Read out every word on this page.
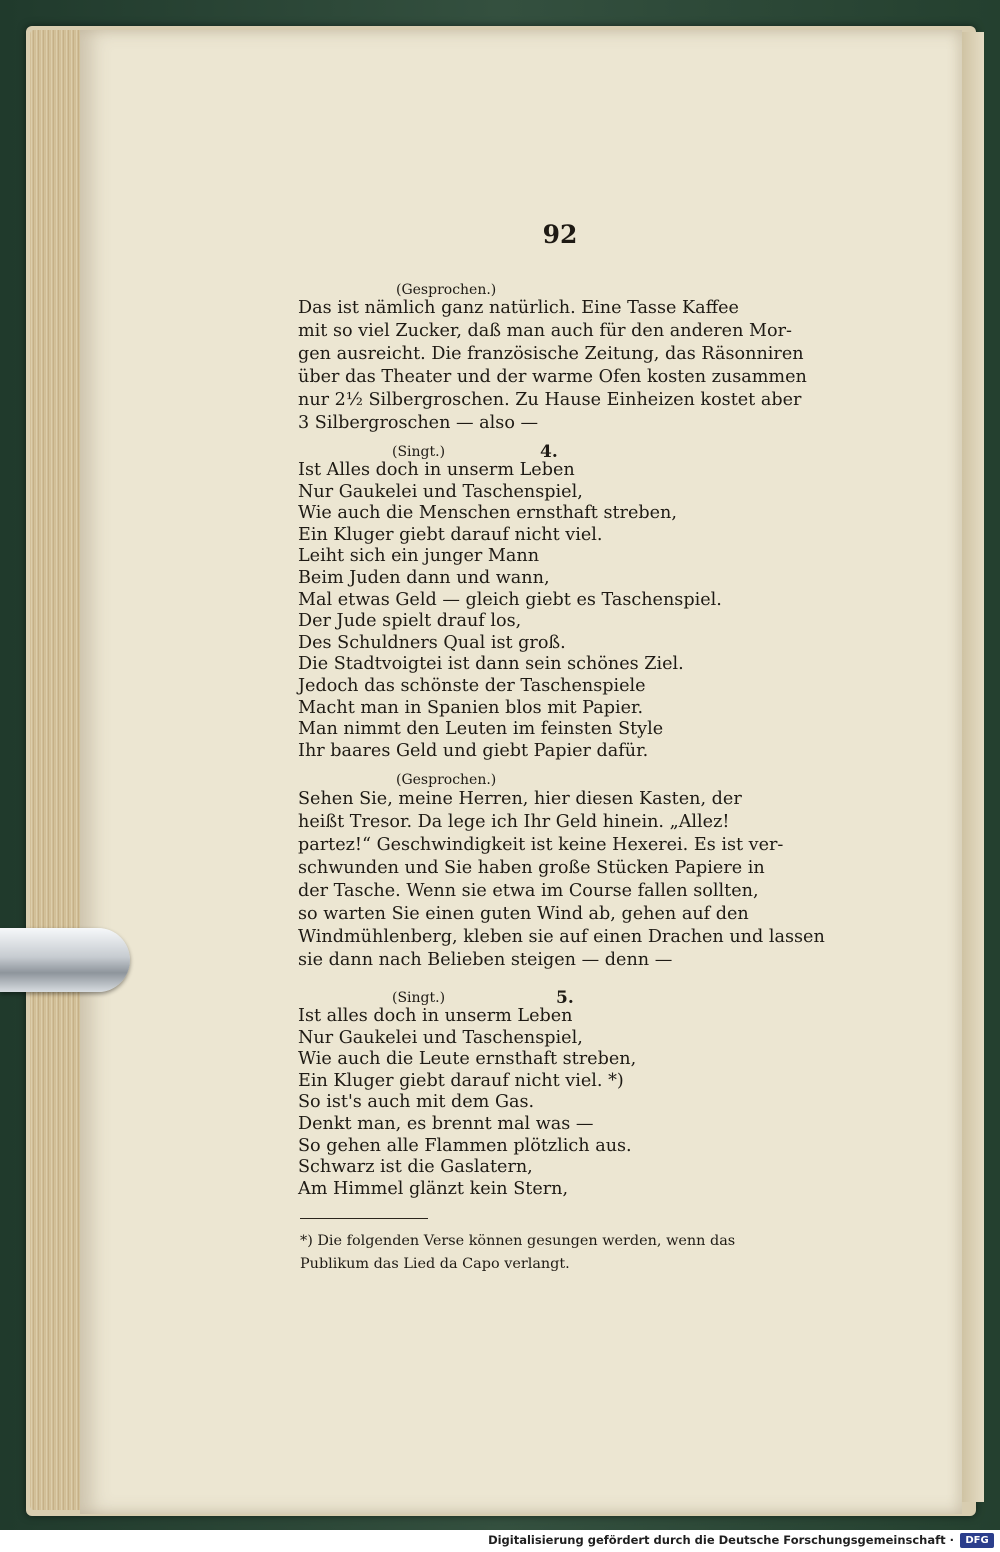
92
(Gesprochen.)
Das ist nämlich ganz natürlich. Eine Tasse Kaffee
mit so viel Zucker, daß man auch für den anderen Mor-
gen ausreicht. Die französische Zeitung, das Räsonniren
über das Theater und der warme Ofen kosten zusammen
nur 2½ Silbergroschen. Zu Hause Einheizen kostet aber
3 Silbergroschen — also —
(Singt.)	4.
Ist Alles doch in unserm Leben
Nur Gaukelei und Taschenspiel,
Wie auch die Menschen ernsthaft streben,
Ein Kluger giebt darauf nicht viel.
Leiht sich ein junger Mann
Beim Juden dann und wann,
Mal etwas Geld — gleich giebt es Taschenspiel.
Der Jude spielt drauf los,
Des Schuldners Qual ist groß.
Die Stadtvoigtei ist dann sein schönes Ziel.
Jedoch das schönste der Taschenspiele
Macht man in Spanien blos mit Papier.
Man nimmt den Leuten im feinsten Style
Ihr baares Geld und giebt Papier dafür.
(Gesprochen.)
Sehen Sie, meine Herren, hier diesen Kasten, der
heißt Tresor. Da lege ich Ihr Geld hinein. „Allez!
partez!“ Geschwindigkeit ist keine Hexerei. Es ist ver-
schwunden und Sie haben große Stücken Papiere in
der Tasche. Wenn sie etwa im Course fallen sollten,
so warten Sie einen guten Wind ab, gehen auf den
Windmühlenberg, kleben sie auf einen Drachen und lassen
sie dann nach Belieben steigen — denn —
(Singt.)	5.
Ist alles doch in unserm Leben
Nur Gaukelei und Taschenspiel,
Wie auch die Leute ernsthaft streben,
Ein Kluger giebt darauf nicht viel. *)
So ist's auch mit dem Gas.
Denkt man, es brennt mal was —
So gehen alle Flammen plötzlich aus.
Schwarz ist die Gaslatern,
Am Himmel glänzt kein Stern,
*) Die folgenden Verse können gesungen werden, wenn das
Publikum das Lied da Capo verlangt.
Digitalisierung gefördert durch die Deutsche Forschungsgemeinschaft ·	DFG
